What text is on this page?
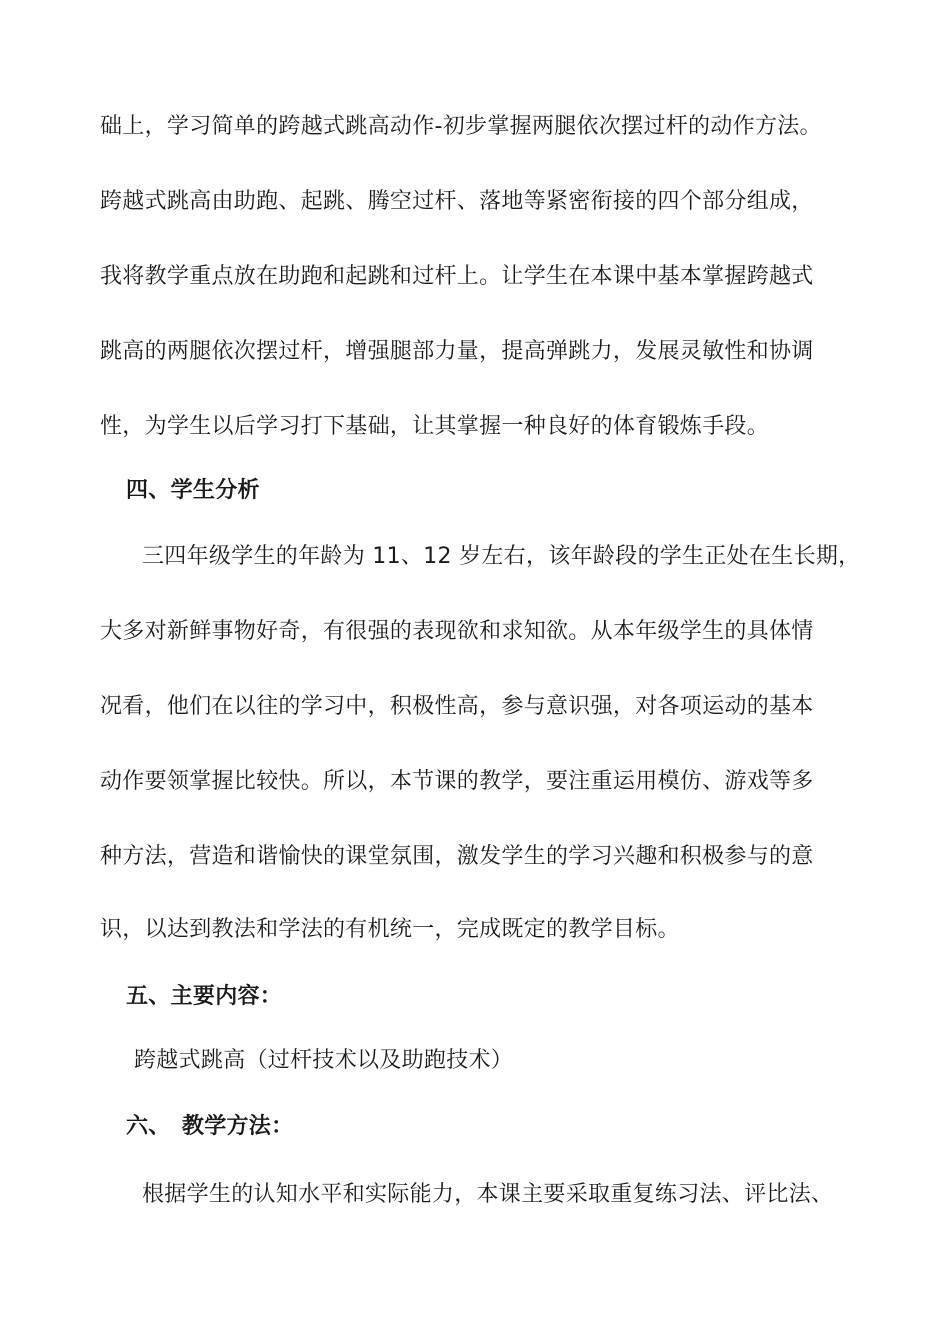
础上，学习简单的跨越式跳高动作-初步掌握两腿依次摆过杆的动作方法。
跨越式跳高由助跑、起跳、腾空过杆、落地等紧密衔接的四个部分组成，
我将教学重点放在助跑和起跳和过杆上。让学生在本课中基本掌握跨越式
跳高的两腿依次摆过杆，增强腿部力量，提高弹跳力，发展灵敏性和协调
性，为学生以后学习打下基础，让其掌握一种良好的体育锻炼手段。
四、学生分析
三四年级学生的年龄为 11、12 岁左右，该年龄段的学生正处在生长期，
大多对新鲜事物好奇，有很强的表现欲和求知欲。从本年级学生的具体情
况看，他们在以往的学习中，积极性高，参与意识强，对各项运动的基本
动作要领掌握比较快。所以，本节课的教学，要注重运用模仿、游戏等多
种方法，营造和谐愉快的课堂氛围，激发学生的学习兴趣和积极参与的意
识，以达到教法和学法的有机统一，完成既定的教学目标。
五、主要内容：
跨越式跳高（过杆技术以及助跑技术）
六、　教学方法：
根据学生的认知水平和实际能力，本课主要采取重复练习法、评比法、
